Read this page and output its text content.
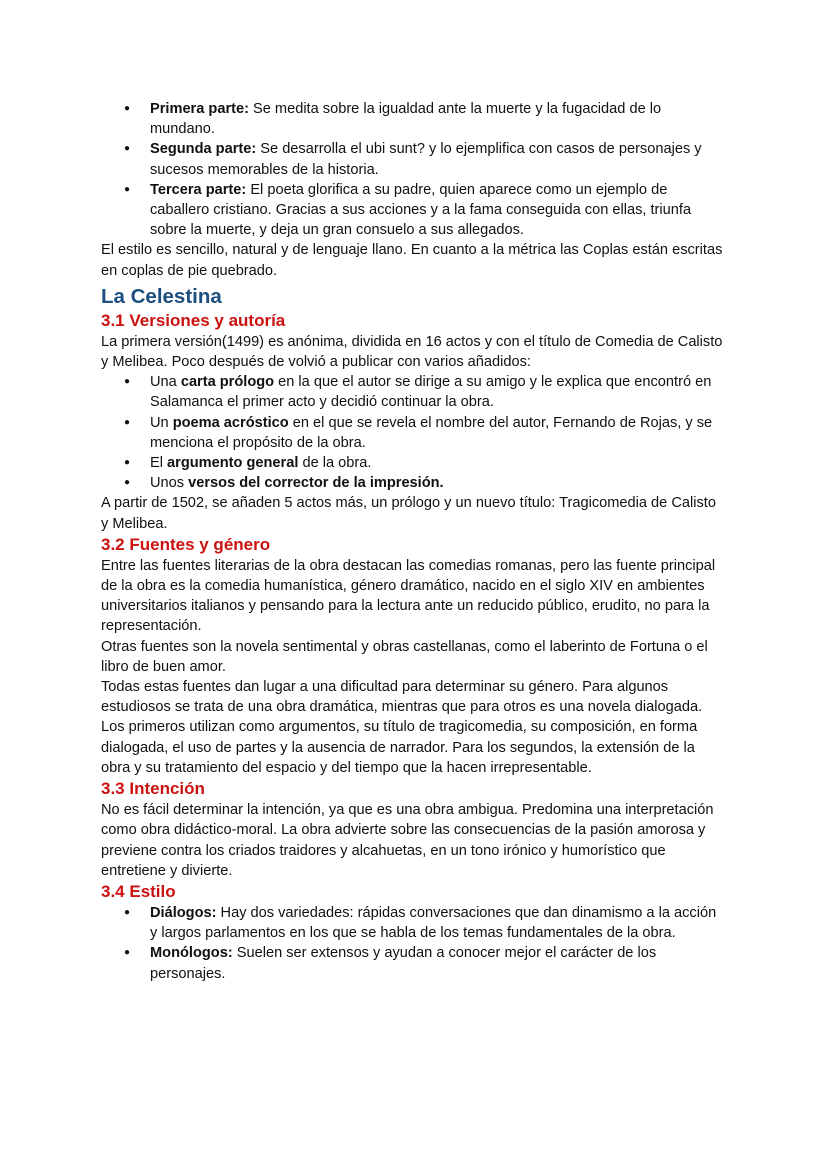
● Primera parte: Se medita sobre la igualdad ante la muerte y la fugacidad de lo mundano.
● Segunda parte: Se desarrolla el ubi sunt? y lo ejemplifica con casos de personajes y sucesos memorables de la historia.
● Tercera parte: El poeta glorifica a su padre, quien aparece como un ejemplo de caballero cristiano. Gracias a sus acciones y a la fama conseguida con ellas, triunfa sobre la muerte, y deja un gran consuelo a sus allegados.

El estilo es sencillo, natural y de lenguaje llano. En cuanto a la métrica las Coplas están escritas en coplas de pie quebrado.

La Celestina
3.1 Versiones y autoría

La primera versión(1499) es anónima, dividida en 16 actos y con el título de Comedia de Calisto y Melibea. Poco después de volvió a publicar con varios añadidos:

● Una carta prólogo en la que el autor se dirige a su amigo y le explica que encontró en Salamanca el primer acto y decidió continuar la obra.
● Un poema acróstico en el que se revela el nombre del autor, Fernando de Rojas, y se menciona el propósito de la obra.
● El argumento general de la obra.
● Unos versos del corrector de la impresión.

A partir de 1502, se añaden 5 actos más, un prólogo y un nuevo título: Tragicomedia de Calisto y Melibea.

3.2 Fuentes y género

Entre las fuentes literarias de la obra destacan las comedias romanas, pero las fuente principal de la obra es la comedia humanística, género dramático, nacido en el siglo XIV en ambientes universitarios italianos y pensando para la lectura ante un reducido público, erudito, no para la representación.

Otras fuentes son la novela sentimental y obras castellanas, como el laberinto de Fortuna o el libro de buen amor.

Todas estas fuentes dan lugar a una dificultad para determinar su género. Para algunos estudiosos se trata de una obra dramática, mientras que para otros es una novela dialogada. Los primeros utilizan como argumentos, su título de tragicomedia, su composición, en forma dialogada, el uso de partes y la ausencia de narrador. Para los segundos, la extensión de la obra y su tratamiento del espacio y del tiempo que la hacen irrepresentable.

3.3 Intención

No es fácil determinar la intención, ya que es una obra ambigua. Predomina una interpretación como obra didáctico-moral. La obra advierte sobre las consecuencias de la pasión amorosa y previene contra los criados traidores y alcahuetas, en un tono irónico y humorístico que entretiene y divierte.

3.4 Estilo
● Diálogos: Hay dos variedades: rápidas conversaciones que dan dinamismo a la acción y largos parlamentos en los que se habla de los temas fundamentales de la obra.
● Monólogos: Suelen ser extensos y ayudan a conocer mejor el carácter de los personajes.
